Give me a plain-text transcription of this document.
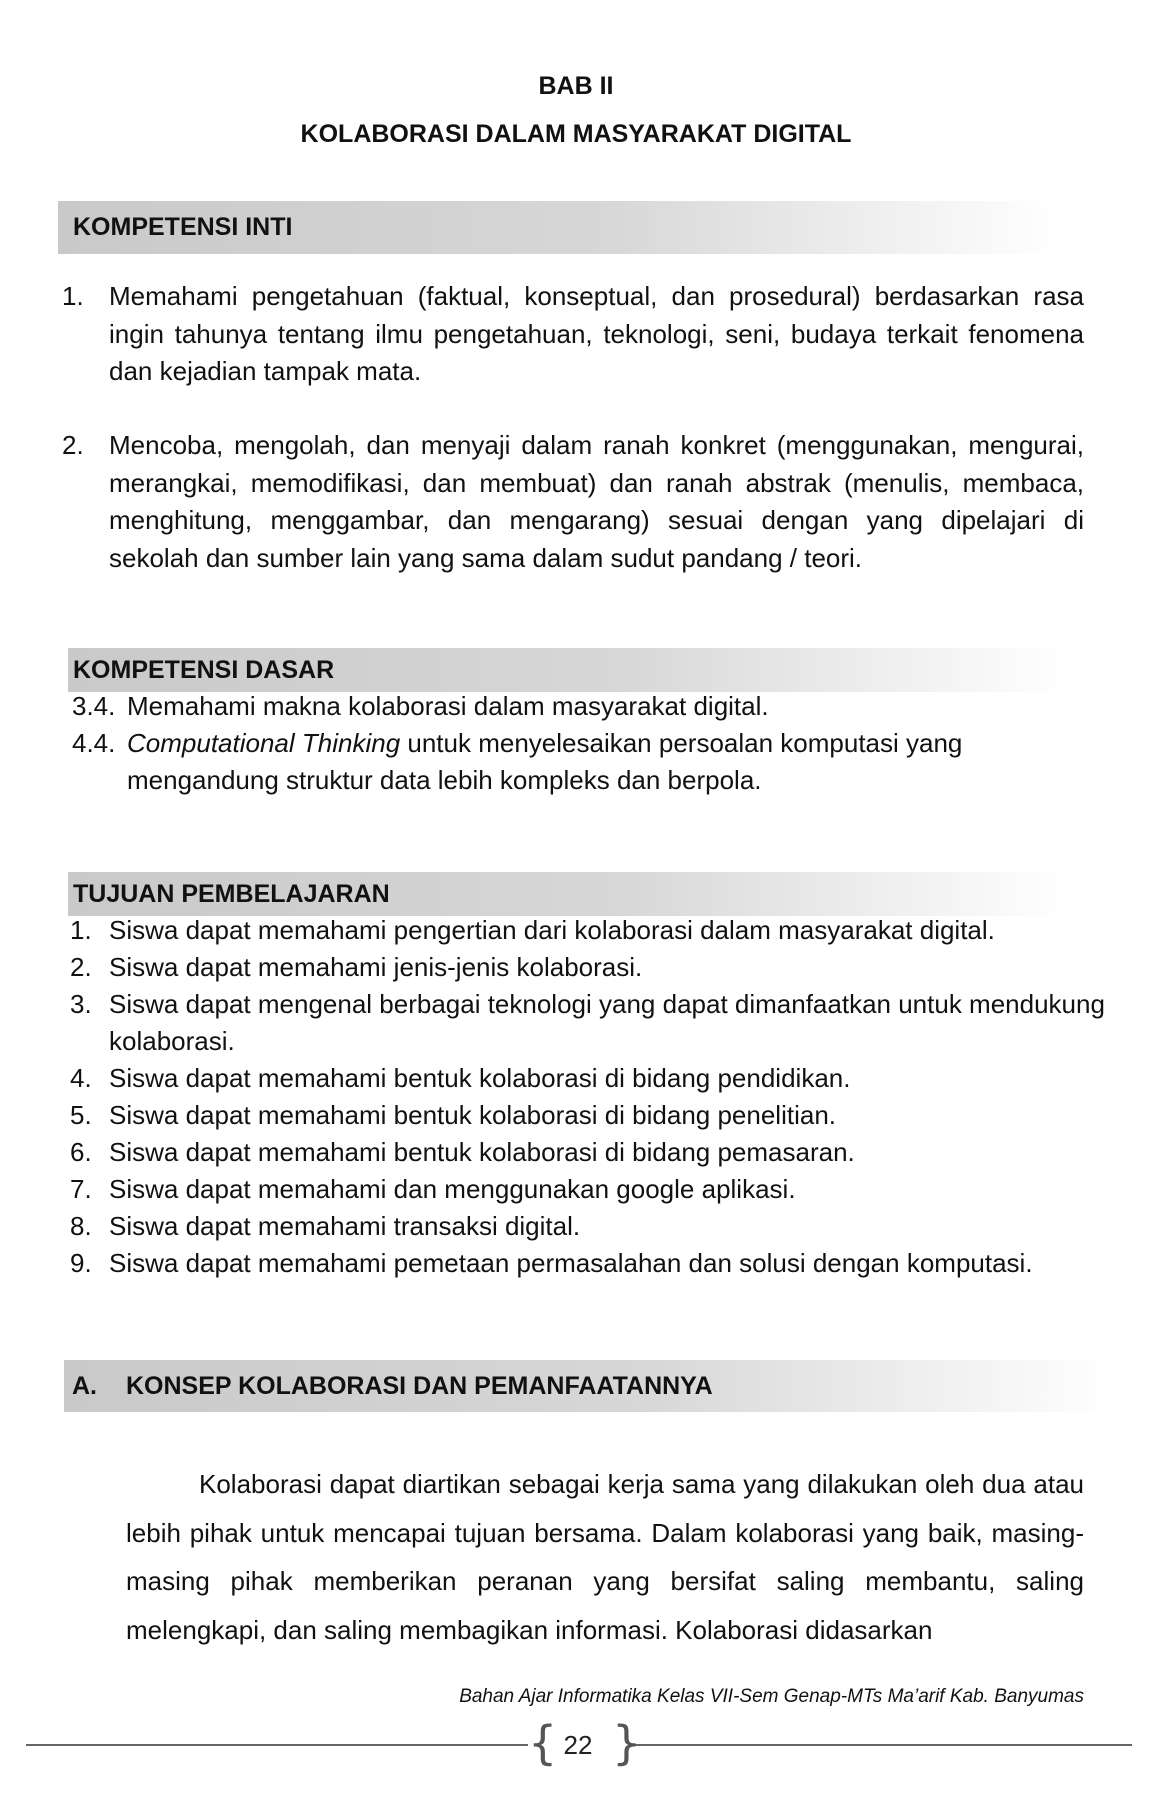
BAB II
KOLABORASI DALAM MASYARAKAT DIGITAL
KOMPETENSI INTI
1. Memahami pengetahuan (faktual, konseptual, dan prosedural) berdasarkan rasa ingin tahunya tentang ilmu pengetahuan, teknologi, seni, budaya terkait fenomena dan kejadian tampak mata.
2. Mencoba, mengolah, dan menyaji dalam ranah konkret (menggunakan, mengurai, merangkai, memodifikasi, dan membuat) dan ranah abstrak (menulis, membaca, menghitung, menggambar, dan mengarang) sesuai dengan yang dipelajari di sekolah dan sumber lain yang sama dalam sudut pandang / teori.
KOMPETENSI DASAR
3.4. Memahami makna kolaborasi dalam masyarakat digital.
4.4. Computational Thinking untuk menyelesaikan persoalan komputasi yang mengandung struktur data lebih kompleks dan berpola.
TUJUAN PEMBELAJARAN
1. Siswa dapat memahami pengertian dari kolaborasi dalam masyarakat digital.
2. Siswa dapat memahami jenis-jenis kolaborasi.
3. Siswa dapat mengenal berbagai teknologi yang dapat dimanfaatkan untuk mendukung kolaborasi.
4. Siswa dapat memahami bentuk kolaborasi di bidang pendidikan.
5. Siswa dapat memahami bentuk kolaborasi di bidang penelitian.
6. Siswa dapat memahami bentuk kolaborasi di bidang pemasaran.
7. Siswa dapat memahami dan menggunakan google aplikasi.
8. Siswa dapat memahami transaksi digital.
9. Siswa dapat memahami pemetaan permasalahan dan solusi dengan komputasi.
A. KONSEP KOLABORASI DAN PEMANFAATANNYA
Kolaborasi dapat diartikan sebagai kerja sama yang dilakukan oleh dua atau lebih pihak untuk mencapai tujuan bersama. Dalam kolaborasi yang baik, masing-masing pihak memberikan peranan yang bersifat saling membantu, saling melengkapi, dan saling membagikan informasi. Kolaborasi didasarkan
Bahan Ajar Informatika Kelas VII-Sem Genap-MTs Ma’arif Kab. Banyumas
{ 22 }
